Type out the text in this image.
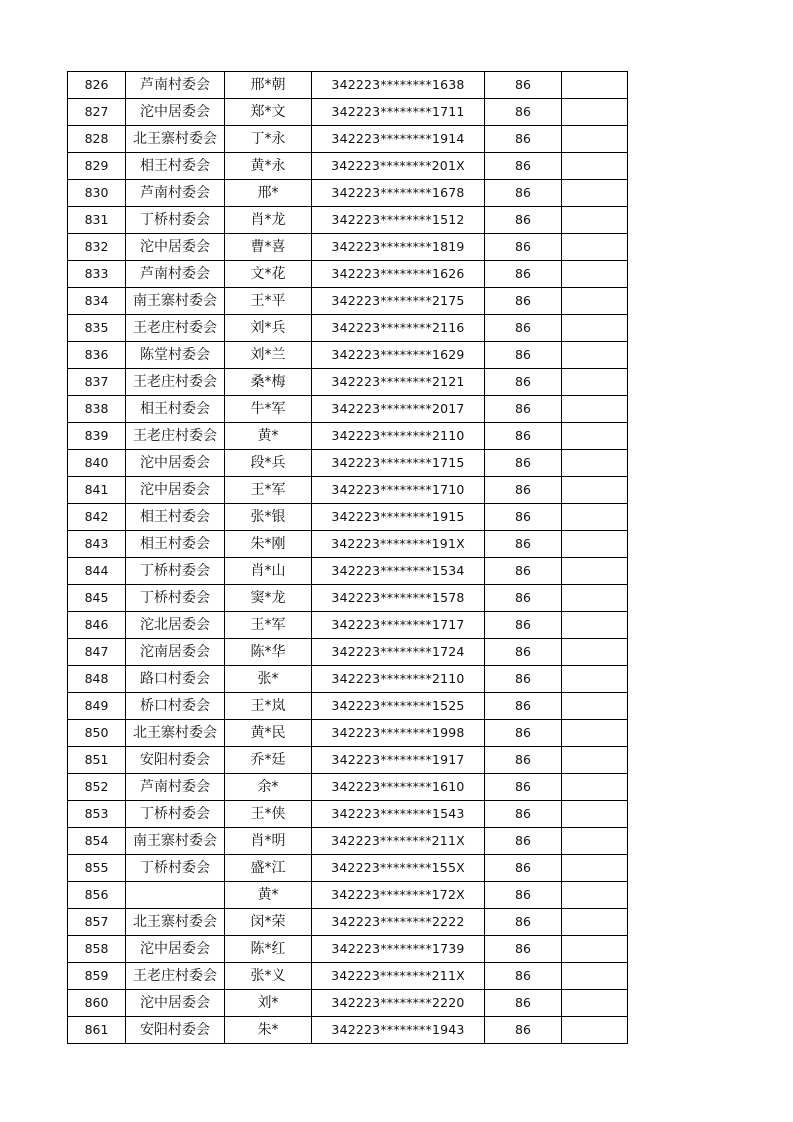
826	芦南村委会	邢*朝	342223********1638	86	
827	沱中居委会	郑*文	342223********1711	86	
828	北王寨村委会	丁*永	342223********1914	86	
829	相王村委会	黄*永	342223********201X	86	
830	芦南村委会	邢*	342223********1678	86	
831	丁桥村委会	肖*龙	342223********1512	86	
832	沱中居委会	曹*喜	342223********1819	86	
833	芦南村委会	文*花	342223********1626	86	
834	南王寨村委会	王*平	342223********2175	86	
835	王老庄村委会	刘*兵	342223********2116	86	
836	陈堂村委会	刘*兰	342223********1629	86	
837	王老庄村委会	桑*梅	342223********2121	86	
838	相王村委会	牛*军	342223********2017	86	
839	王老庄村委会	黄*	342223********2110	86	
840	沱中居委会	段*兵	342223********1715	86	
841	沱中居委会	王*军	342223********1710	86	
842	相王村委会	张*银	342223********1915	86	
843	相王村委会	朱*刚	342223********191X	86	
844	丁桥村委会	肖*山	342223********1534	86	
845	丁桥村委会	窦*龙	342223********1578	86	
846	沱北居委会	王*军	342223********1717	86	
847	沱南居委会	陈*华	342223********1724	86	
848	路口村委会	张*	342223********2110	86	
849	桥口村委会	王*岚	342223********1525	86	
850	北王寨村委会	黄*民	342223********1998	86	
851	安阳村委会	乔*廷	342223********1917	86	
852	芦南村委会	余*	342223********1610	86	
853	丁桥村委会	王*侠	342223********1543	86	
854	南王寨村委会	肖*明	342223********211X	86	
855	丁桥村委会	盛*江	342223********155X	86	
856		黄*	342223********172X	86	
857	北王寨村委会	闵*荣	342223********2222	86	
858	沱中居委会	陈*红	342223********1739	86	
859	王老庄村委会	张*义	342223********211X	86	
860	沱中居委会	刘*	342223********2220	86	
861	安阳村委会	朱*	342223********1943	86	
